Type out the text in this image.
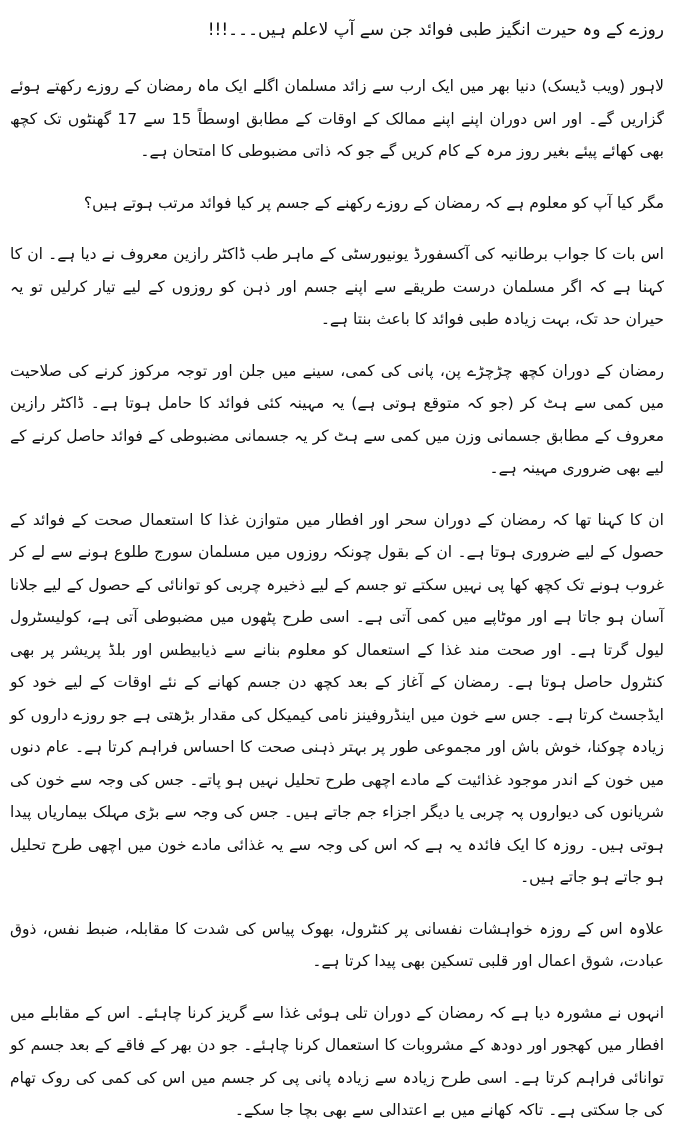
روزے کے وہ حیرت انگیز طبی فوائد جن سے آپ لاعلم ہیں۔۔۔!!!

لاہور (ویب ڈیسک) دنیا بھر میں ایک ارب سے زائد مسلمان اگلے ایک ماہ رمضان کے روزے رکھتے ہوئے گزاریں گے۔ اور اس دوران اپنے اپنے ممالک کے اوقات کے مطابق اوسطاً 15 سے 17 گھنٹوں تک کچھ بھی کھائے پیئے بغیر روز مرہ کے کام کریں گے جو کہ ذاتی مضبوطی کا امتحان ہے۔

مگر کیا آپ کو معلوم ہے کہ رمضان کے روزے رکھنے کے جسم پر کیا فوائد مرتب ہوتے ہیں؟

اس بات کا جواب برطانیہ کی آکسفورڈ یونیورسٹی کے ماہر طب ڈاکٹر رازین معروف نے دیا ہے۔ ان کا کہنا ہے کہ اگر مسلمان درست طریقے سے اپنے جسم اور ذہن کو روزوں کے لیے تیار کرلیں تو یہ حیران حد تک، بہت زیادہ طبی فوائد کا باعث بنتا ہے۔

رمضان کے دوران کچھ چڑچڑے پن، پانی کی کمی، سینے میں جلن اور توجہ مرکوز کرنے کی صلاحیت میں کمی سے ہٹ کر (جو کہ متوقع ہوتی ہے) یہ مہینہ کئی فوائد کا حامل ہوتا ہے۔ ڈاکٹر رازین معروف کے مطابق جسمانی وزن میں کمی سے ہٹ کر یہ جسمانی مضبوطی کے فوائد حاصل کرنے کے لیے بھی ضروری مہینہ ہے۔

ان کا کہنا تھا کہ رمضان کے دوران سحر اور افطار میں متوازن غذا کا استعمال صحت کے فوائد کے حصول کے لیے ضروری ہوتا ہے۔ ان کے بقول چونکہ روزوں میں مسلمان سورج طلوع ہونے سے لے کر غروب ہونے تک کچھ کھا پی نہیں سکتے تو جسم کے لیے ذخیرہ چربی کو توانائی کے حصول کے لیے جلانا آسان ہو جاتا ہے اور موٹاپے میں کمی آتی ہے۔ اسی طرح پٹھوں میں مضبوطی آتی ہے، کولیسٹرول لیول گرتا ہے۔ اور صحت مند غذا کے استعمال کو معلوم بنانے سے ذیابیطس اور بلڈ پریشر پر بھی کنٹرول حاصل ہوتا ہے۔ رمضان کے آغاز کے بعد کچھ دن جسم کھانے کے نئے اوقات کے لیے خود کو ایڈجسٹ کرتا ہے۔ جس سے خون میں اینڈروفینز نامی کیمیکل کی مقدار بڑھتی ہے جو روزے داروں کو زیادہ چوکنا، خوش باش اور مجموعی طور پر بہتر ذہنی صحت کا احساس فراہم کرتا ہے۔ عام دنوں میں خون کے اندر موجود غذائیت کے مادے اچھی طرح تحلیل نہیں ہو پاتے۔ جس کی وجہ سے خون کی شریانوں کی دیواروں پہ چربی یا دیگر اجزاء جم جاتے ہیں۔ جس کی وجہ سے بڑی مہلک بیماریاں پیدا ہوتی ہیں۔ روزہ کا ایک فائدہ یہ ہے کہ اس کی وجہ سے یہ غذائی مادے خون میں اچھی طرح تحلیل ہو جاتے ہو جاتے ہیں۔

علاوہ اس کے روزہ خواہشات نفسانی پر کنٹرول، بھوک پیاس کی شدت کا مقابلہ، ضبط نفس، ذوق عبادت، شوق اعمال اور قلبی تسکین بھی پیدا کرتا ہے۔

انہوں نے مشورہ دیا ہے کہ رمضان کے دوران تلی ہوئی غذا سے گریز کرنا چاہئے۔ اس کے مقابلے میں افطار میں کھجور اور دودھ کے مشروبات کا استعمال کرنا چاہئے۔ جو دن بھر کے فاقے کے بعد جسم کو توانائی فراہم کرتا ہے۔ اسی طرح زیادہ سے زیادہ پانی پی کر جسم میں اس کی کمی کی روک تھام کی جا سکتی ہے۔ تاکہ کھانے میں بے اعتدالی سے بھی بچا جا سکے۔
